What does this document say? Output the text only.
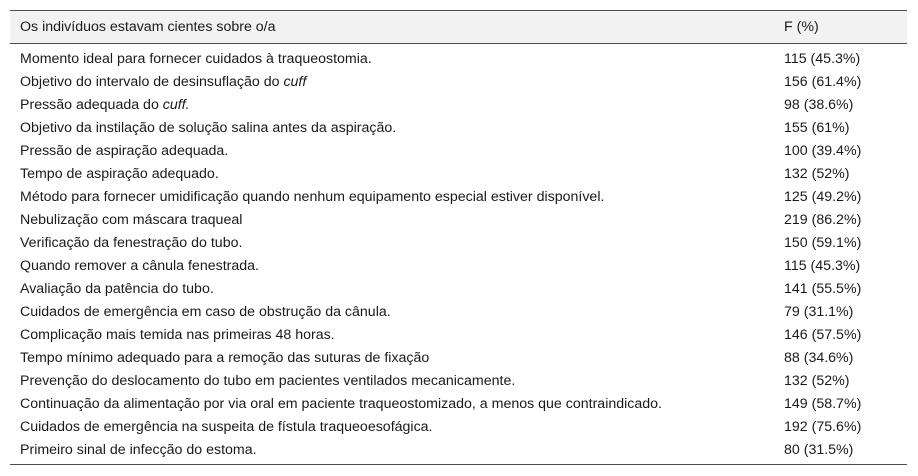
Os indivíduos estavam cientes sobre o/a	F (%)
Momento ideal para fornecer cuidados à traqueostomia.	115 (45.3%)
Objetivo do intervalo de desinsuflação do cuff	156 (61.4%)
Pressão adequada do cuff.	98 (38.6%)
Objetivo da instilação de solução salina antes da aspiração.	155 (61%)
Pressão de aspiração adequada.	100 (39.4%)
Tempo de aspiração adequado.	132 (52%)
Método para fornecer umidificação quando nenhum equipamento especial estiver disponível.	125 (49.2%)
Nebulização com máscara traqueal	219 (86.2%)
Verificação da fenestração do tubo.	150 (59.1%)
Quando remover a cânula fenestrada.	115 (45.3%)
Avaliação da patência do tubo.	141 (55.5%)
Cuidados de emergência em caso de obstrução da cânula.	79 (31.1%)
Complicação mais temida nas primeiras 48 horas.	146 (57.5%)
Tempo mínimo adequado para a remoção das suturas de fixação	88 (34.6%)
Prevenção do deslocamento do tubo em pacientes ventilados mecanicamente.	132 (52%)
Continuação da alimentação por via oral em paciente traqueostomizado, a menos que contraindicado.	149 (58.7%)
Cuidados de emergência na suspeita de fístula traqueoesofágica.	192 (75.6%)
Primeiro sinal de infecção do estoma.	80 (31.5%)
